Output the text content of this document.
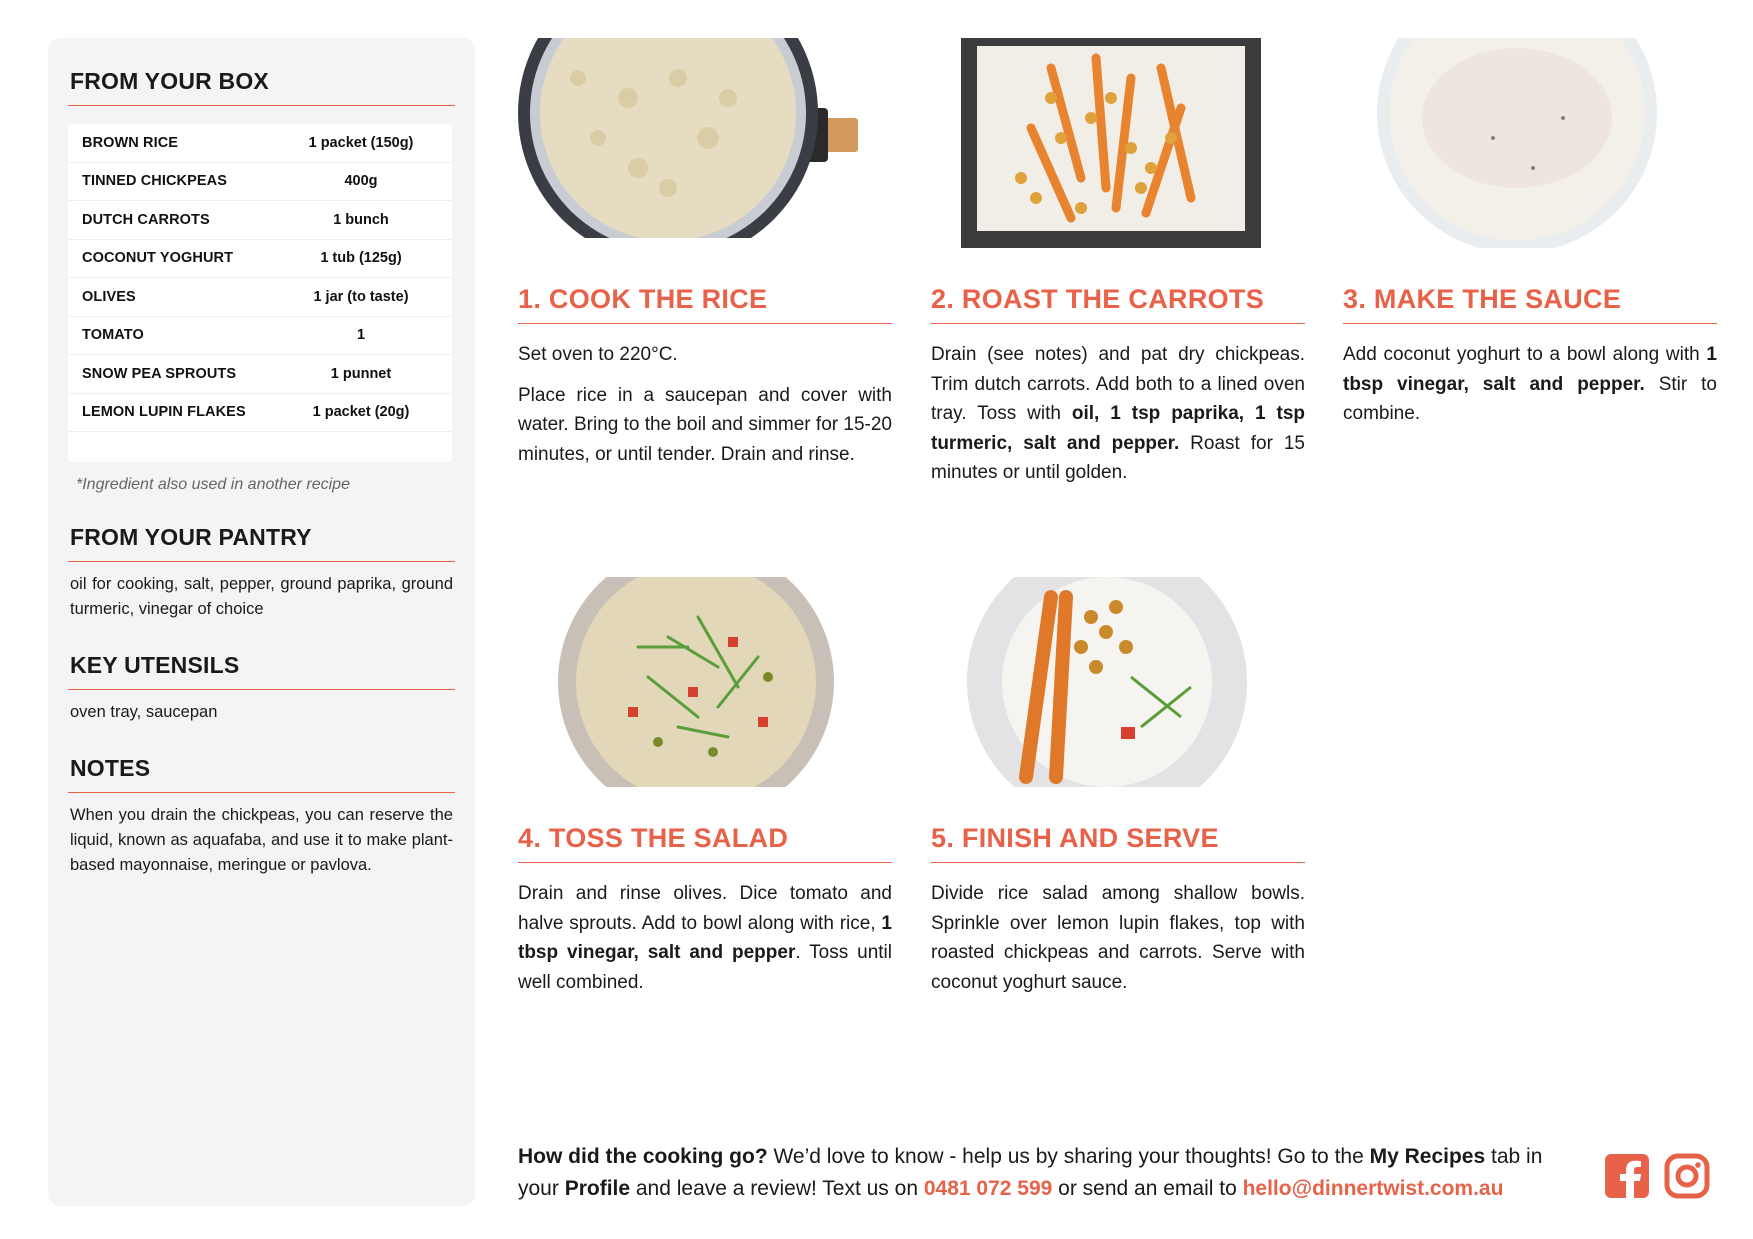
FROM YOUR BOX
BROWN RICE	1 packet (150g)
TINNED CHICKPEAS	400g
DUTCH CARROTS	1 bunch
COCONUT YOGHURT	1 tub (125g)
OLIVES	1 jar (to taste)
TOMATO	1
SNOW PEA SPROUTS	1 punnet
LEMON LUPIN FLAKES	1 packet (20g)
*Ingredient also used in another recipe
FROM YOUR PANTRY
oil for cooking, salt, pepper, ground paprika, ground turmeric, vinegar of choice
KEY UTENSILS
oven tray, saucepan
NOTES
When you drain the chickpeas, you can reserve the liquid, known as aquafaba, and use it to make plant-based mayonnaise, meringue or pavlova.
1. COOK THE RICE

Set oven to 220°C.

Place rice in a saucepan and cover with water. Bring to the boil and simmer for 15-20 minutes, or until tender. Drain and rinse.

2. ROAST THE CARROTS

Drain (see notes) and pat dry chickpeas. Trim dutch carrots. Add both to a lined oven tray. Toss with oil, 1 tsp paprika, 1 tsp turmeric, salt and pepper. Roast for 15 minutes or until golden.

3. MAKE THE SAUCE

Add coconut yoghurt to a bowl along with 1 tbsp vinegar, salt and pepper. Stir to combine.

4. TOSS THE SALAD

Drain and rinse olives. Dice tomato and halve sprouts. Add to bowl along with rice, 1 tbsp vinegar, salt and pepper. Toss until well combined.

5. FINISH AND SERVE

Divide rice salad among shallow bowls. Sprinkle over lemon lupin flakes, top with roasted chickpeas and carrots. Serve with coconut yoghurt sauce.

How did the cooking go? We’d love to know - help us by sharing your thoughts! Go to the My Recipes tab in your Profile and leave a review! Text us on 0481 072 599 or send an email to hello@dinnertwist.com.au
